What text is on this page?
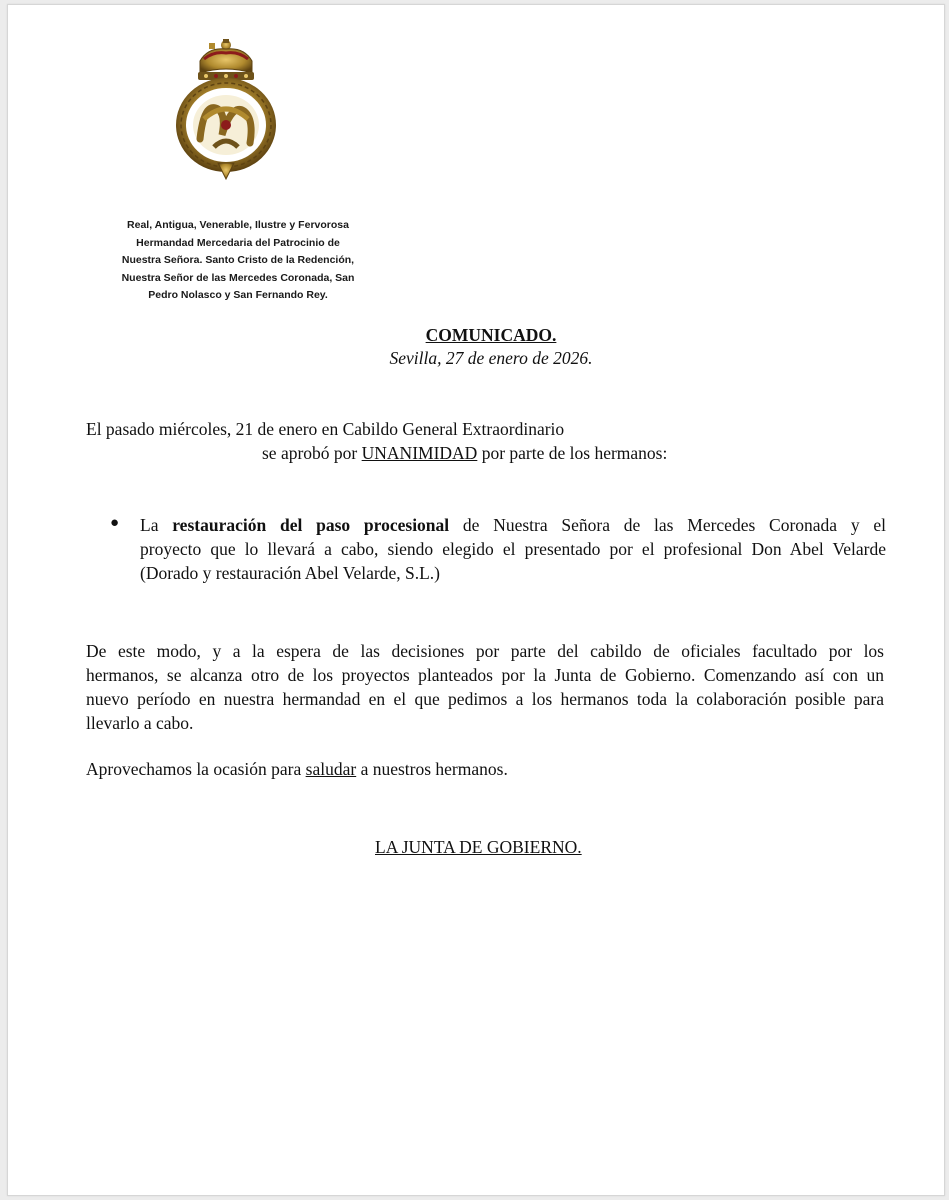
Real, Antigua, Venerable, Ilustre y Fervorosa
Hermandad Mercedaria del Patrocinio de
Nuestra Señora. Santo Cristo de la Redención,
Nuestra Señor de las Mercedes Coronada, San
Pedro Nolasco y San Fernando Rey.
COMUNICADO.
Sevilla, 27 de enero de 2026.
El pasado miércoles, 21 de enero en Cabildo General Extraordinario
se aprobó por UNANIMIDAD por parte de los hermanos:
● La restauración del paso procesional de Nuestra Señora de las Mercedes Coronada y el
proyecto que lo llevará a cabo, siendo elegido el presentado por el profesional Don Abel Velarde
(Dorado y restauración Abel Velarde, S.L.)
De este modo, y a la espera de las decisiones por parte del cabildo de oficiales facultado por los
hermanos, se alcanza otro de los proyectos planteados por la Junta de Gobierno. Comenzando así con un
nuevo período en nuestra hermandad en el que pedimos a los hermanos toda la colaboración posible para
llevarlo a cabo.
Aprovechamos la ocasión para saludar a nuestros hermanos.
LA JUNTA DE GOBIERNO.
